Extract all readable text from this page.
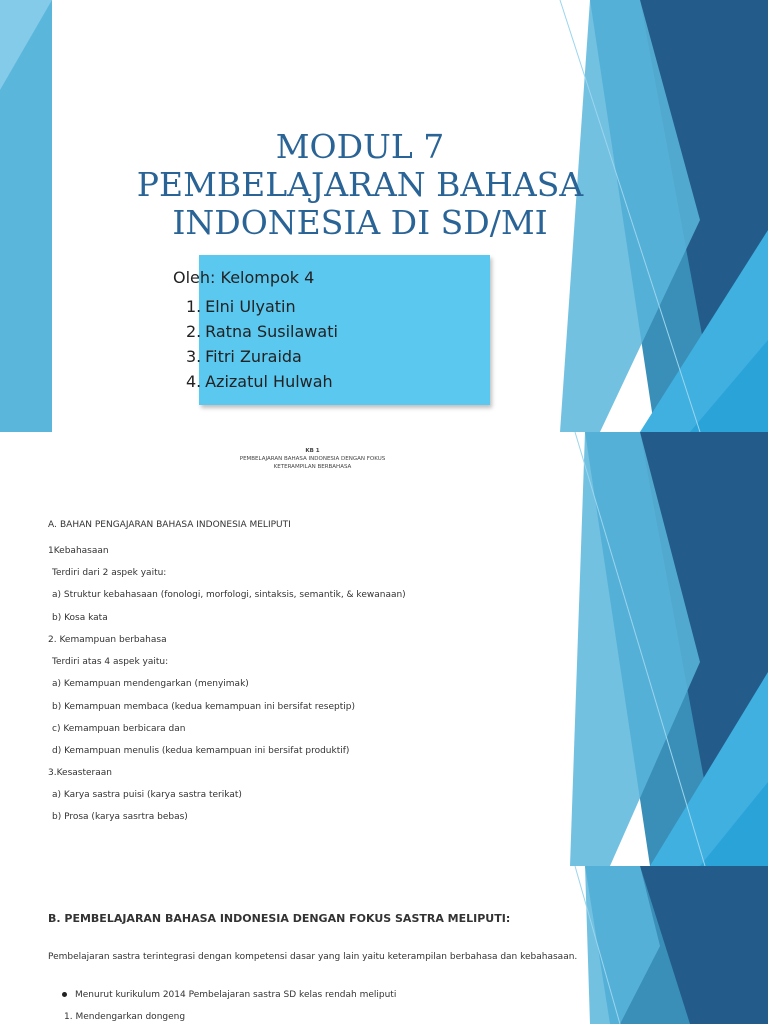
MODUL 7
PEMBELAJARAN BAHASA
INDONESIA DI SD/MI

Oleh: Kelompok 4

1. Elni Ulyatin
2. Ratna Susilawati
3. Fitri Zuraida
4. Azizatul Hulwah
KB 1
PEMBELAJARAN BAHASA INDONESIA DENGAN FOKUS
KETERAMPILAN BERBAHASA
A. BAHAN PENGAJARAN BAHASA INDONESIA MELIPUTI
1Kebahasaan
Terdiri dari 2 aspek yaitu:
a) Struktur kebahasaan (fonologi, morfologi, sintaksis, semantik, & kewanaan)
b) Kosa kata
2. Kemampuan berbahasa
Terdiri atas 4 aspek yaitu:
a) Kemampuan mendengarkan (menyimak)
b) Kemampuan membaca (kedua kemampuan ini bersifat reseptip)
c) Kemampuan berbicara dan
d) Kemampuan menulis (kedua kemampuan ini bersifat produktif)
3.Kesasteraan
a) Karya sastra puisi (karya sastra terikat)
b) Prosa (karya sasrtra bebas)
B. PEMBELAJARAN BAHASA INDONESIA DENGAN FOKUS SASTRA MELIPUTI:
Pembelajaran sastra terintegrasi dengan kompetensi dasar yang lain yaitu keterampilan berbahasa dan kebahasaan.
Menurut kurikulum 2014 Pembelajaran sastra SD kelas rendah meliputi
1. Mendengarkan dongeng
